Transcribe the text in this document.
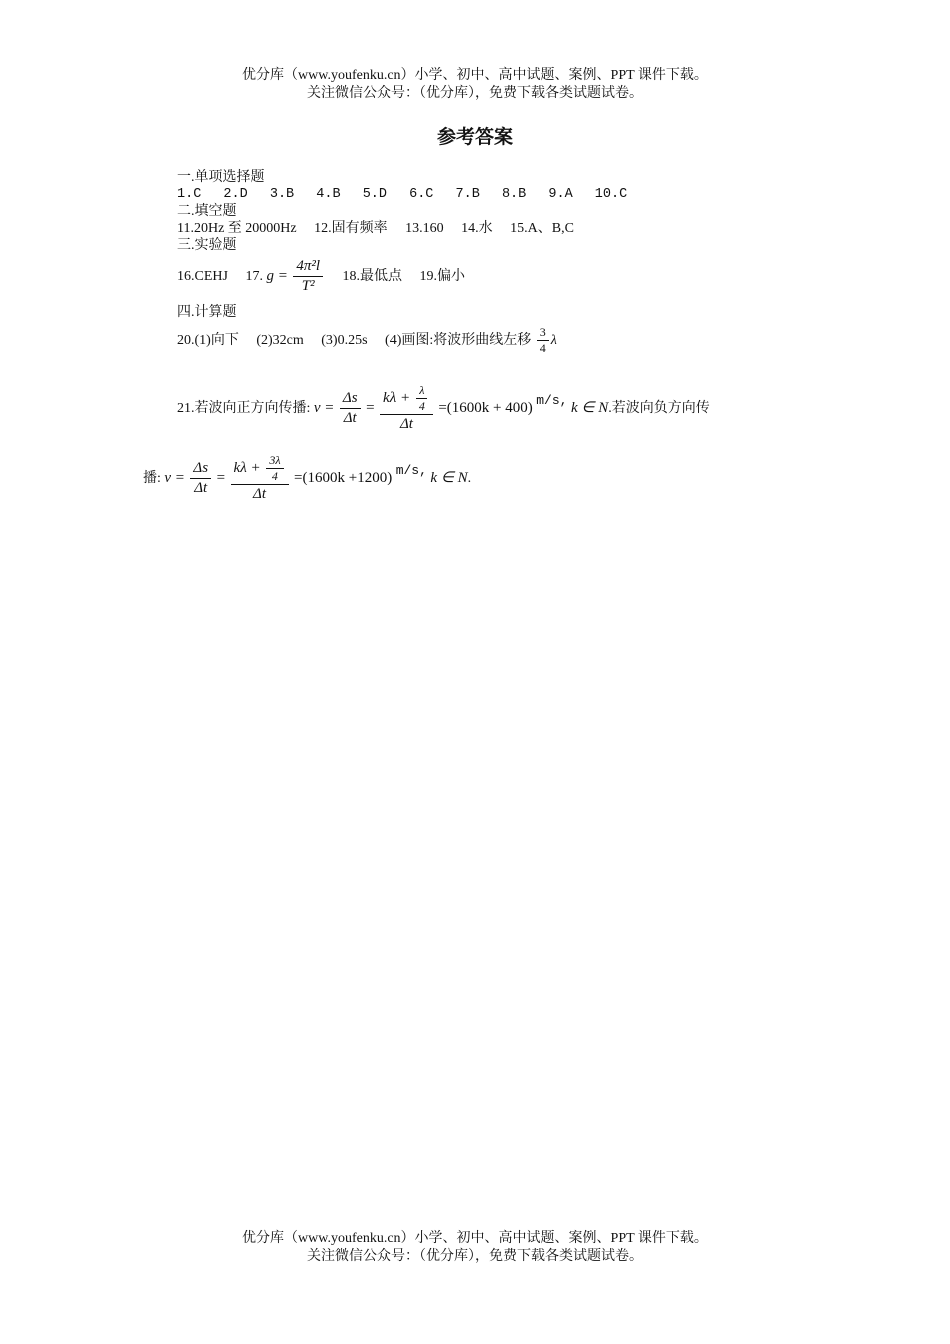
优分库（www.youfenku.cn）小学、初中、高中试题、案例、PPT 课件下载。
关注微信公众号：（优分库），免费下载各类试题试卷。
参考答案
一.单项选择题
1.C 2.D 3.B 4.B 5.D 6.C 7.B 8.B 9.A 10.C
二.填空题
11.20Hz 至 20000Hz 12.固有频率 13.160 14.水 15.A、B,C
三.实验题
16.CEHJ 17. $g = \frac{\text{4π²l}}{\text{T²}} 18$.最低点 19.偏小
四.计算题
20.(1)向下 (2)32cm (3)0.25s (4)画图:将波形曲线左移 $\frac{3}{4}$ λ
21.若波向正方向传播: $v = \frac{\Delta s}{\Delta t} = \frac{k\lambda + \frac{\lambda}{4}}{\Delta t} =(1600k + 400)$ m/s, k ∈ N.若波向负方向传
播: $v = \frac{\Delta s}{\Delta t} = \frac{k\lambda + \frac{3\lambda}{4}}{\Delta t} =(1600k +1200)$ m/s, k ∈ N.
优分库（www.youfenku.cn）小学、初中、高中试题、案例、PPT 课件下载。
关注微信公众号：（优分库），免费下载各类试题试卷。
